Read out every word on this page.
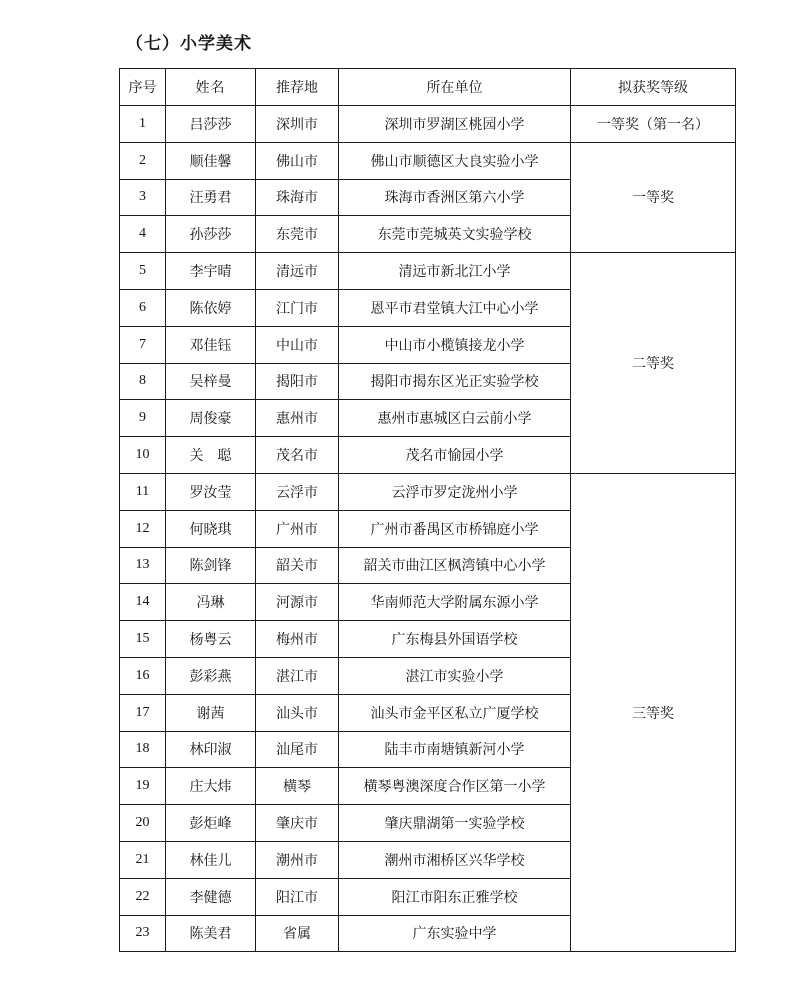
（七）小学美术
序号	姓名	推荐地	所在单位	拟获奖等级
1	吕莎莎	深圳市	深圳市罗湖区桃园小学	一等奖（第一名）
2	顺佳馨	佛山市	佛山市顺德区大良实验小学	一等奖
3	汪勇君	珠海市	珠海市香洲区第六小学	
4	孙莎莎	东莞市	东莞市莞城英文实验学校	
5	李宇晴	清远市	清远市新北江小学	二等奖
6	陈依婷	江门市	恩平市君堂镇大江中心小学	
7	邓佳钰	中山市	中山市小榄镇接龙小学	
8	吴梓曼	揭阳市	揭阳市揭东区光正实验学校	
9	周俊豪	惠州市	惠州市惠城区白云前小学	
10	关　聪	茂名市	茂名市愉园小学	
11	罗汝莹	云浮市	云浮市罗定泷州小学	三等奖
12	何晓琪	广州市	广州市番禺区市桥锦庭小学	
13	陈剑锋	韶关市	韶关市曲江区枫湾镇中心小学	
14	冯琳	河源市	华南师范大学附属东源小学	
15	杨粤云	梅州市	广东梅县外国语学校	
16	彭彩燕	湛江市	湛江市实验小学	
17	谢茜	汕头市	汕头市金平区私立广厦学校	
18	林印淑	汕尾市	陆丰市南塘镇新河小学	
19	庄大炜	横琴	横琴粤澳深度合作区第一小学	
20	彭炬峰	肇庆市	肇庆鼎湖第一实验学校	
21	林佳儿	潮州市	潮州市湘桥区兴华学校	
22	李健德	阳江市	阳江市阳东正雅学校	
23	陈美君	省属	广东实验中学	
